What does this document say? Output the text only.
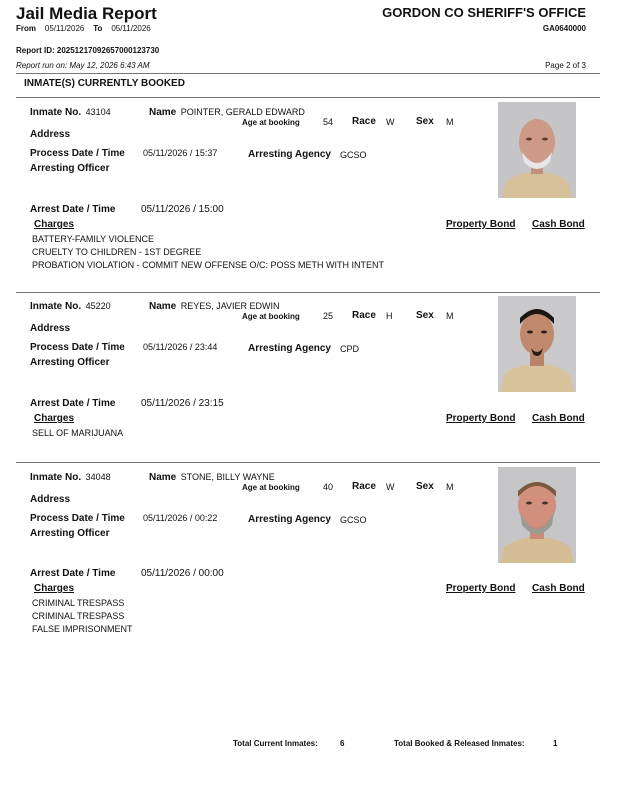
Jail Media Report
From 05/11/2026 To 05/11/2026
GORDON CO SHERIFF'S OFFICE
GA0640000
Report ID: 20251217092657000123730
Report run on: May 12, 2026 6:43 AM	Page 2 of 3
INMATE(S) CURRENTLY BOOKED
Inmate No. 43104	Name POINTER, GERALD EDWARD
Age at booking	54 Race W Sex M
Address
Process Date / Time 05/11/2026 / 15:37	Arresting Agency GCSO
Arresting Officer
Arrest Date / Time	05/11/2026 / 15:00
Charges	Property Bond Cash Bond
BATTERY-FAMILY VIOLENCE
CRUELTY TO CHILDREN - 1ST DEGREE
PROBATION VIOLATION - COMMIT NEW OFFENSE O/C: POSS METH WITH INTENT
Inmate No. 45220	Name REYES, JAVIER EDWIN
Age at booking	25 Race H Sex M
Address
Process Date / Time 05/11/2026 / 23:44	Arresting Agency CPD
Arresting Officer
Arrest Date / Time	05/11/2026 / 23:15
Charges	Property Bond Cash Bond
SELL OF MARIJUANA
Inmate No. 34048	Name STONE, BILLY WAYNE
Age at booking	40 Race W Sex M
Address
Process Date / Time 05/11/2026 / 00:22	Arresting Agency GCSO
Arresting Officer
Arrest Date / Time	05/11/2026 / 00:00
Charges	Property Bond Cash Bond
CRIMINAL TRESPASS
CRIMINAL TRESPASS
FALSE IMPRISONMENT
Total Current Inmates:	6	Total Booked & Released Inmates:	1
